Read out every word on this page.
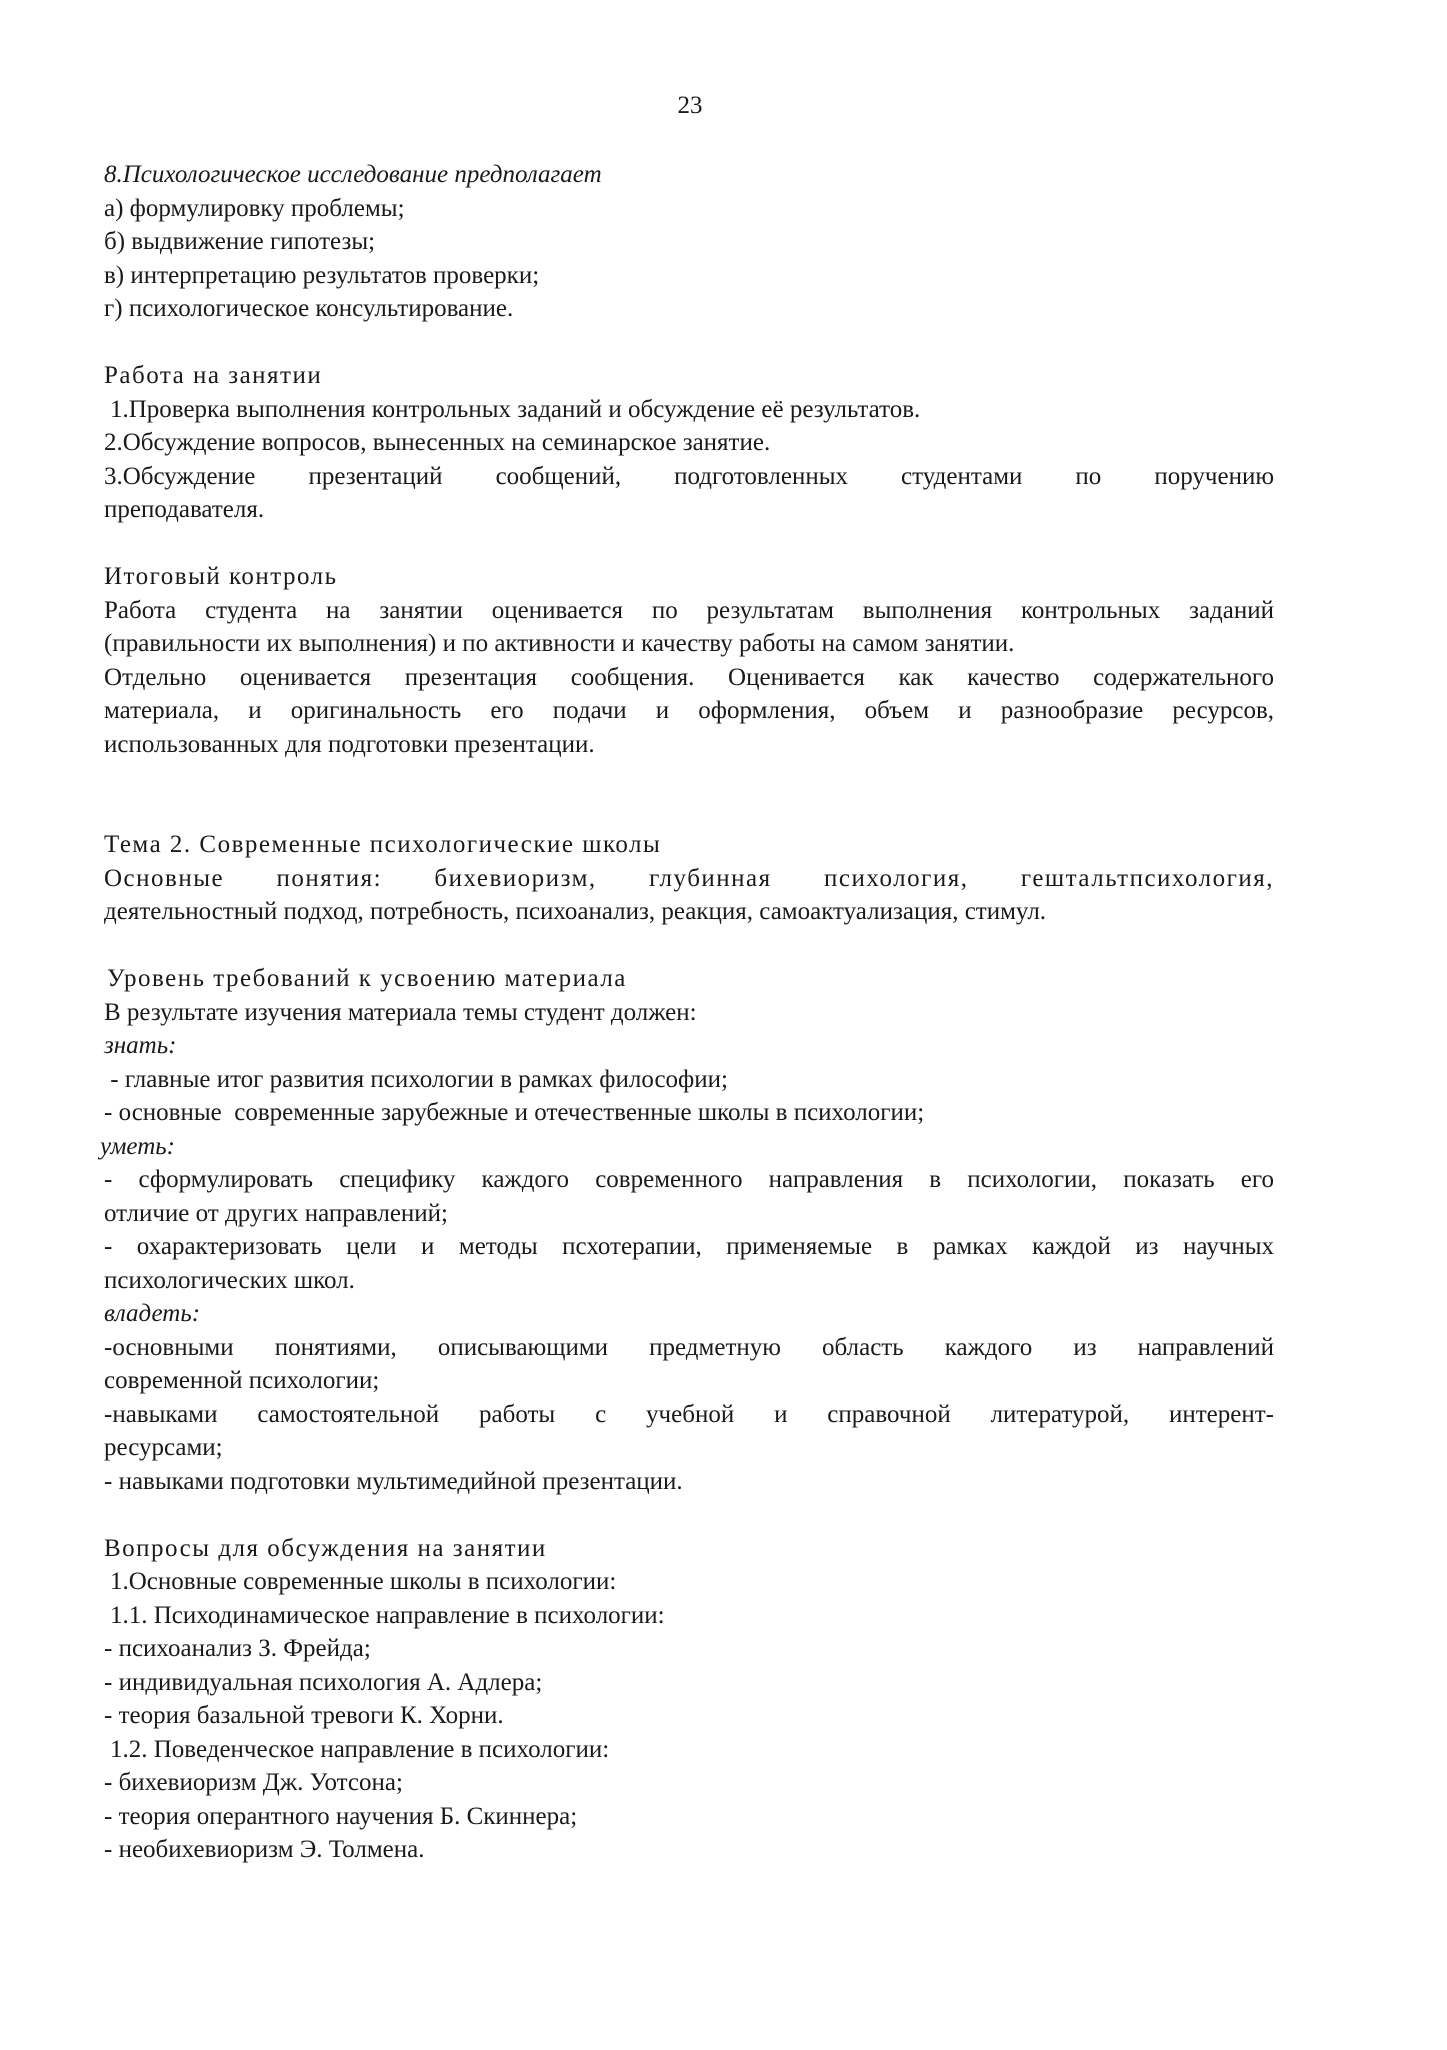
23
8.Психологическое исследование предполагает
а) формулировку проблемы;
б) выдвижение гипотезы;
в) интерпретацию результатов проверки;
г) психологическое консультирование.
Работа на занятии
1.Проверка выполнения контрольных заданий и обсуждение её результатов.
2.Обсуждение вопросов, вынесенных на семинарское занятие.
3.Обсуждение презентаций сообщений, подготовленных студентами по поручению
преподавателя.
Итоговый контроль
Работа студента на занятии оценивается по результатам выполнения контрольных заданий
(правильности их выполнения) и по активности и качеству работы на самом занятии.
Отдельно оценивается презентация сообщения. Оценивается как качество содержательного
материала, и оригинальность его подачи и оформления, объем и разнообразие ресурсов,
использованных для подготовки презентации.
Тема 2. Современные психологические школы
Основные понятия: бихевиоризм, глубинная психология, гештальтпсихология,
деятельностный подход, потребность, психоанализ, реакция, самоактуализация, стимул.
Уровень требований к усвоению материала
В результате изучения материала темы студент должен:
знать:
- главные итог развития психологии в рамках философии;
- основные  современные зарубежные и отечественные школы в психологии;
уметь:
- сформулировать специфику каждого современного направления в психологии, показать его
отличие от других направлений;
- охарактеризовать цели и методы псхотерапии, применяемые в рамках каждой из научных
психологических школ.
владеть:
-основными понятиями, описывающими предметную область каждого из направлений
современной психологии;
-навыками самостоятельной работы с учебной и справочной литературой, интерент-
ресурсами;
- навыками подготовки мультимедийной презентации.
Вопросы для обсуждения на занятии
1.Основные современные школы в психологии:
1.1. Психодинамическое направление в психологии:
- психоанализ З. Фрейда;
- индивидуальная психология А. Адлера;
- теория базальной тревоги К. Хорни.
1.2. Поведенческое направление в психологии:
- бихевиоризм Дж. Уотсона;
- теория оперантного научения Б. Скиннера;
- необихевиоризм Э. Толмена.
